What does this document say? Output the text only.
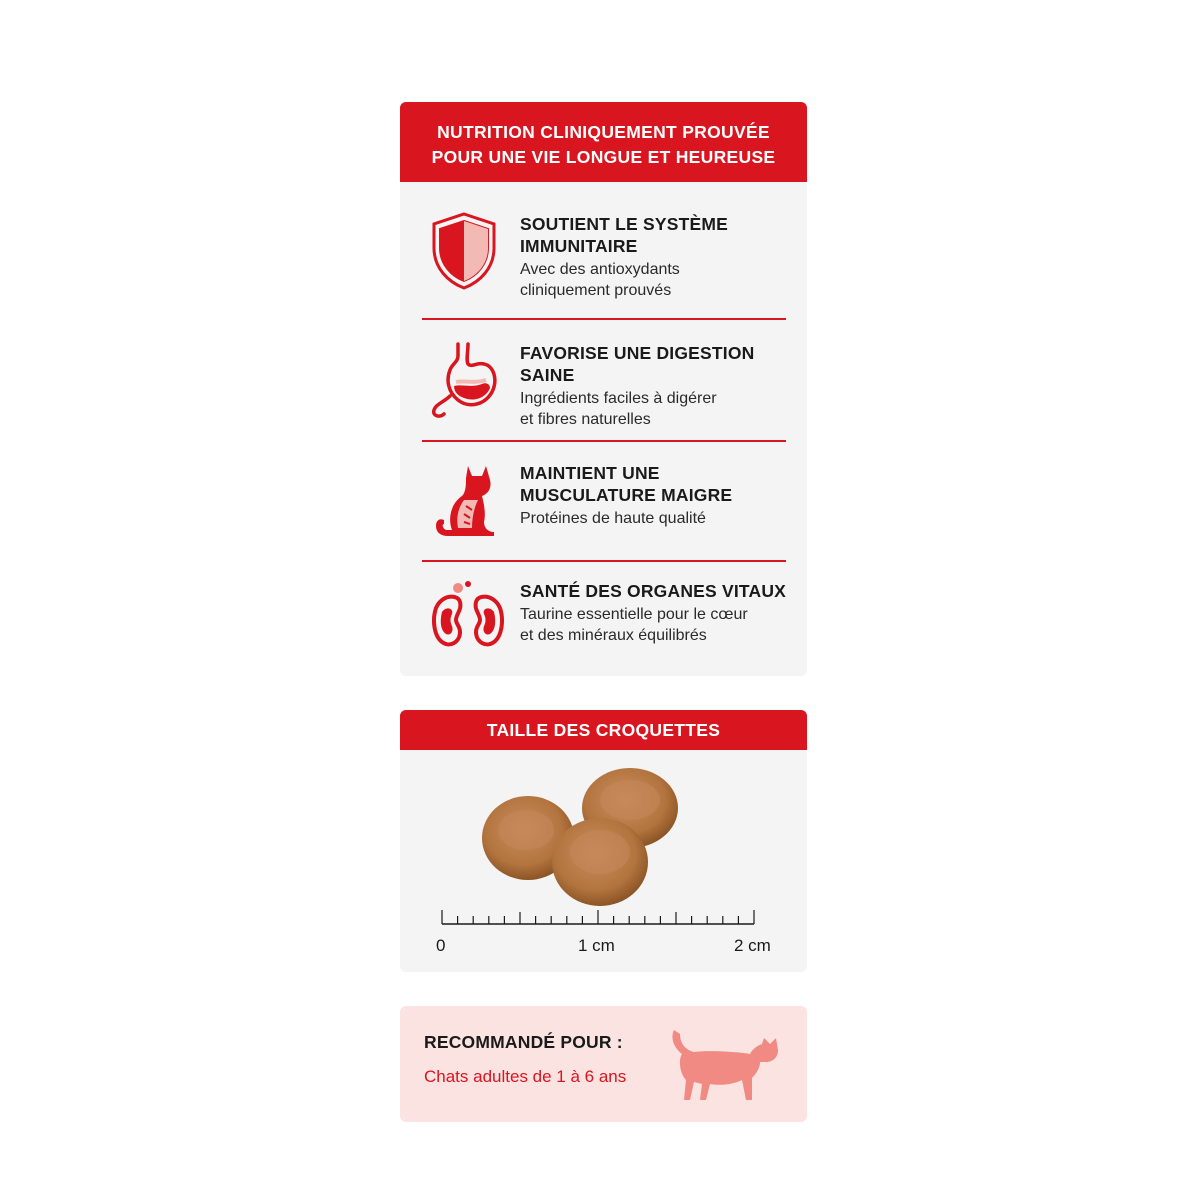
NUTRITION CLINIQUEMENT PROUVÉE
POUR UNE VIE LONGUE ET HEUREUSE
SOUTIENT LE SYSTÈME
IMMUNITAIRE
Avec des antioxydants
cliniquement prouvés
FAVORISE UNE DIGESTION SAINE
Ingrédients faciles à digérer
et fibres naturelles
MAINTIENT UNE
MUSCULATURE MAIGRE
Protéines de haute qualité
SANTÉ DES ORGANES VITAUX
Taurine essentielle pour le cœur
et des minéraux équilibrés
TAILLE DES CROQUETTES
0	1 cm	2 cm
RECOMMANDÉ POUR :
Chats adultes de 1 à 6 ans
